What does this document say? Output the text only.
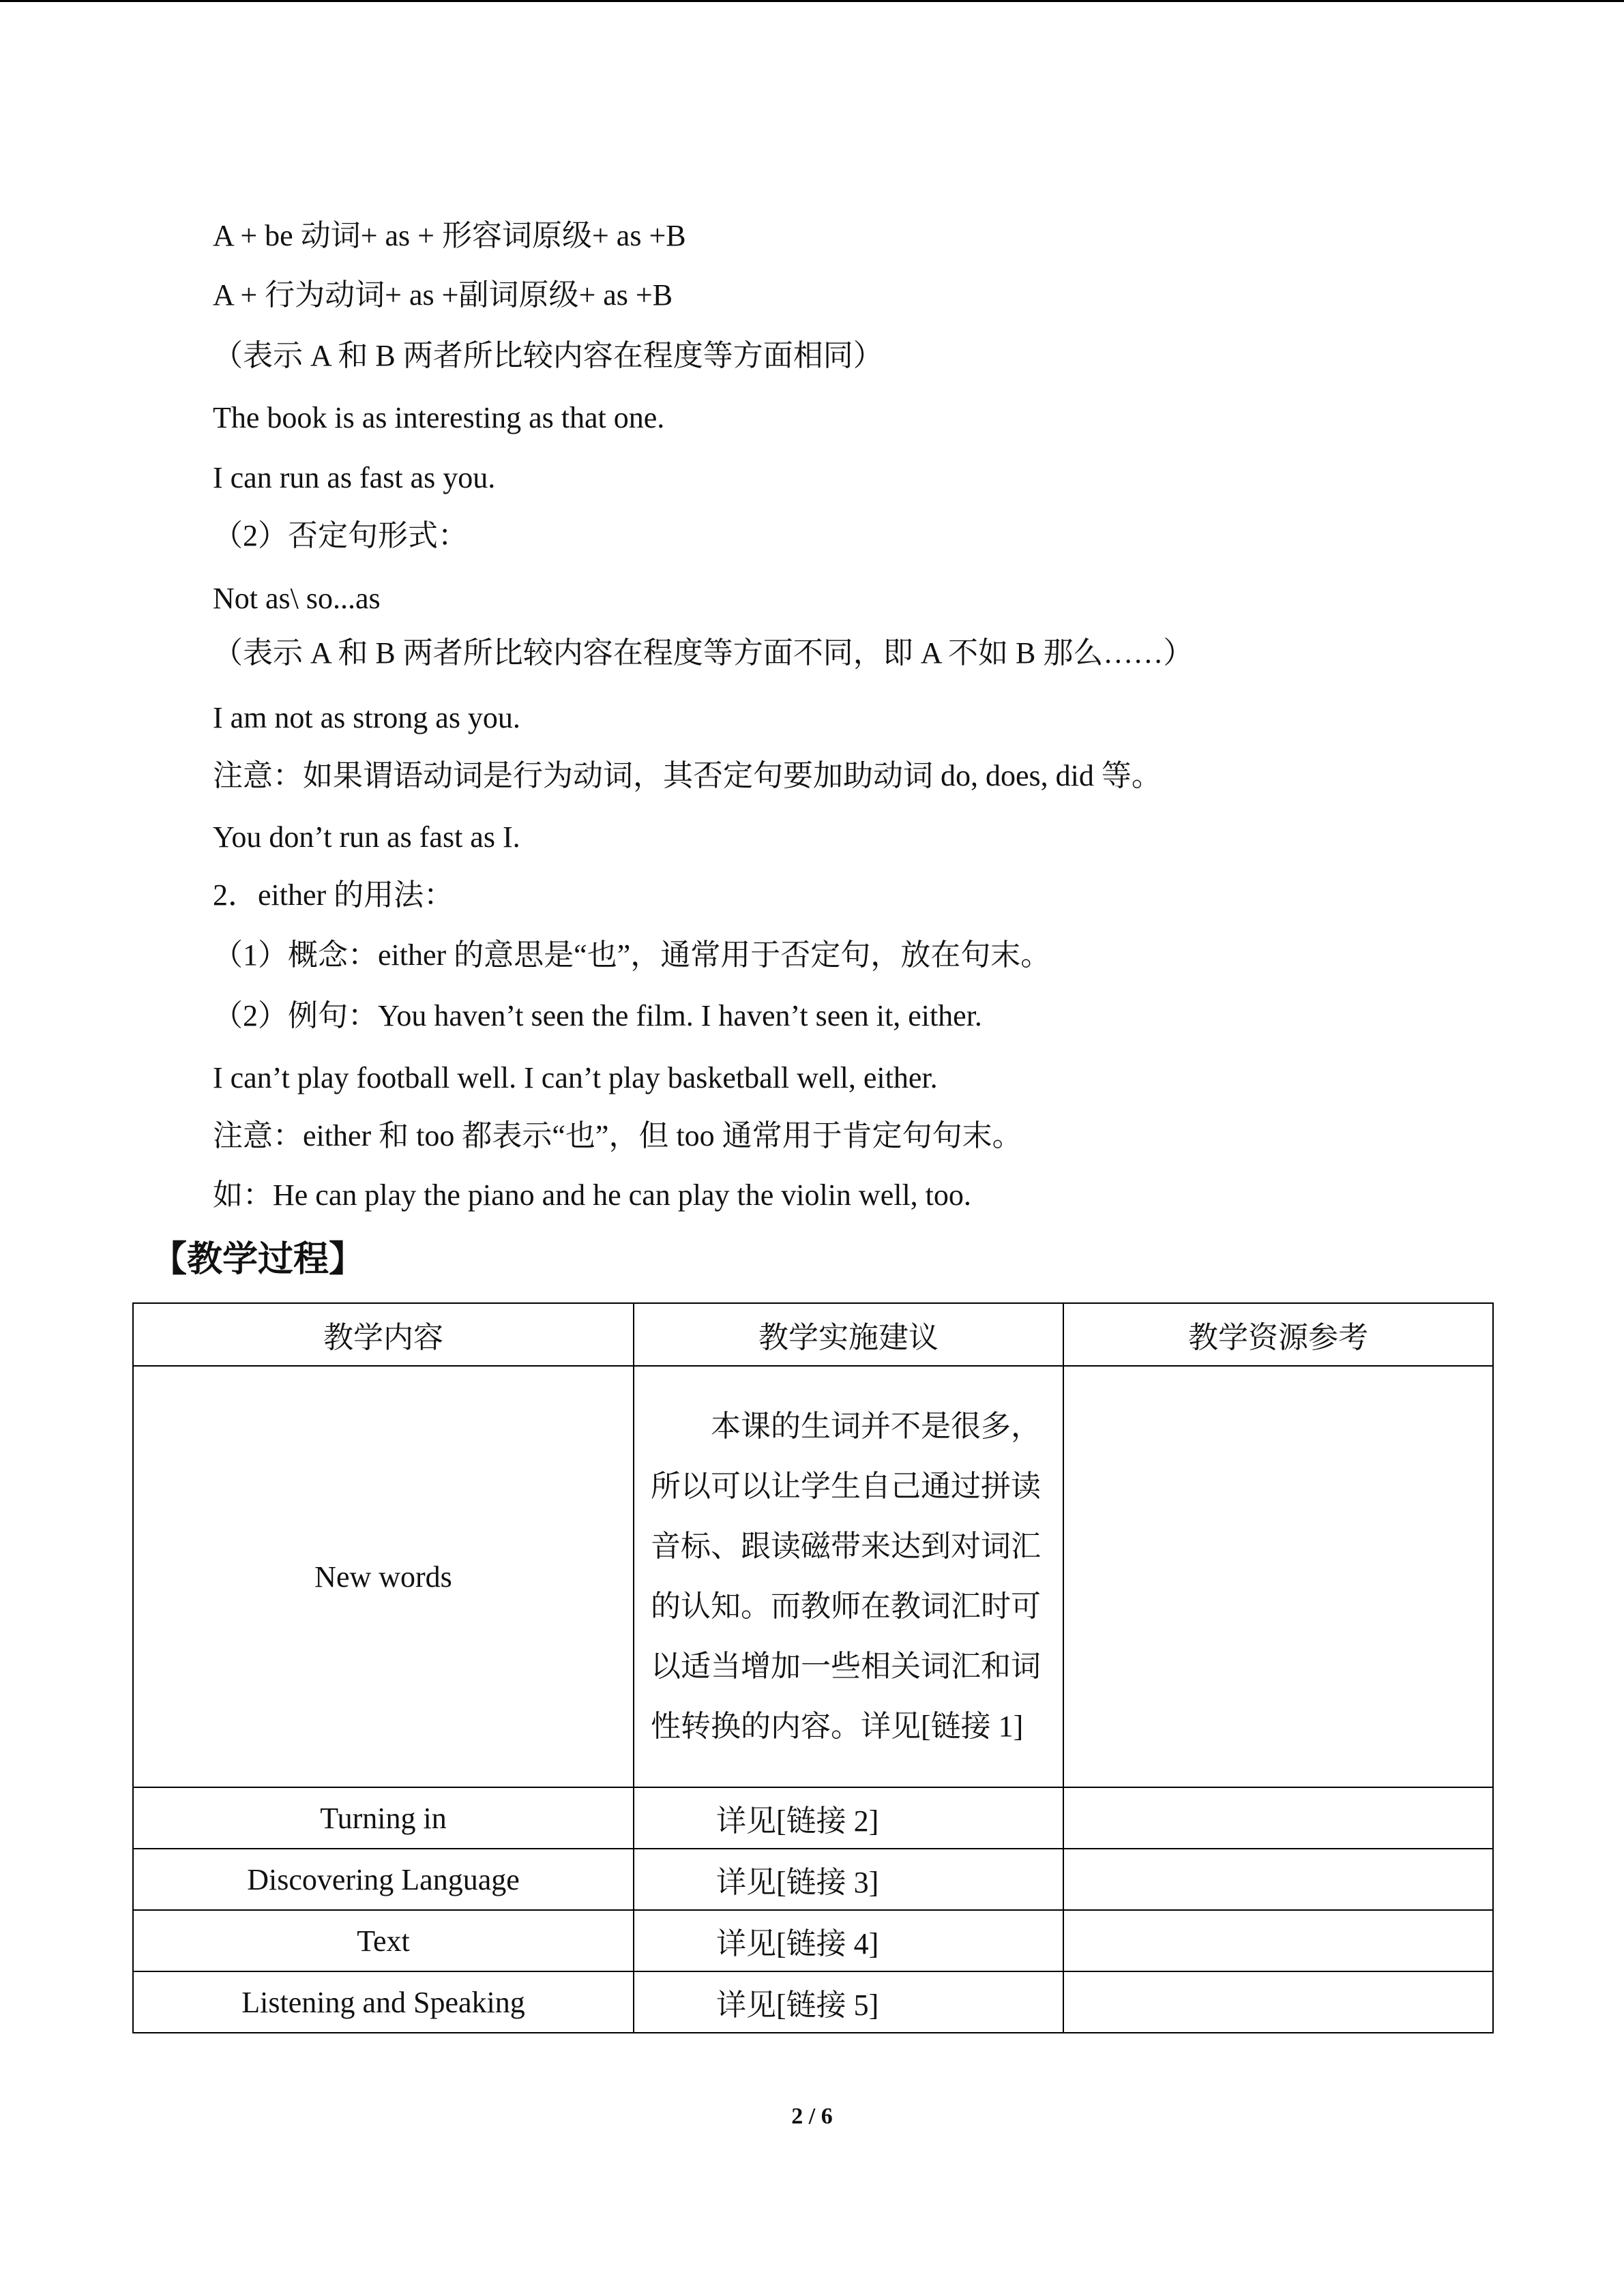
A + be 动词+ as + 形容词原级+ as +B
A + 行为动词+ as +副词原级+ as +B
（表示 A 和 B 两者所比较内容在程度等方面相同）
The book is as interesting as that one.
I can run as fast as you.
（2）否定句形式：
Not as\ so...as
（表示 A 和 B 两者所比较内容在程度等方面不同，即 A 不如 B 那么……）
I am not as strong as you.
注意：如果谓语动词是行为动词，其否定句要加助动词 do, does, did 等。
You don’t run as fast as I.
2．either 的用法：
（1）概念：either 的意思是“也”，通常用于否定句，放在句末。
（2）例句：You haven’t seen the film. I haven’t seen it, either.
I can’t play football well. I can’t play basketball well, either.
注意：either 和 too 都表示“也”，但 too 通常用于肯定句句末。
如：He can play the piano and he can play the violin well, too.
【教学过程】
教学内容	教学实施建议	教学资源参考
New words	本课的生词并不是很多，所以可以让学生自己通过拼读音标、跟读磁带来达到对词汇的认知。而教师在教词汇时可以适当增加一些相关词汇和词性转换的内容。详见[链接 1]	

Turning in	详见[链接 2]	
Discovering Language	详见[链接 3]	
Text	详见[链接 4]	
Listening and Speaking	详见[链接 5]	
2 / 6
